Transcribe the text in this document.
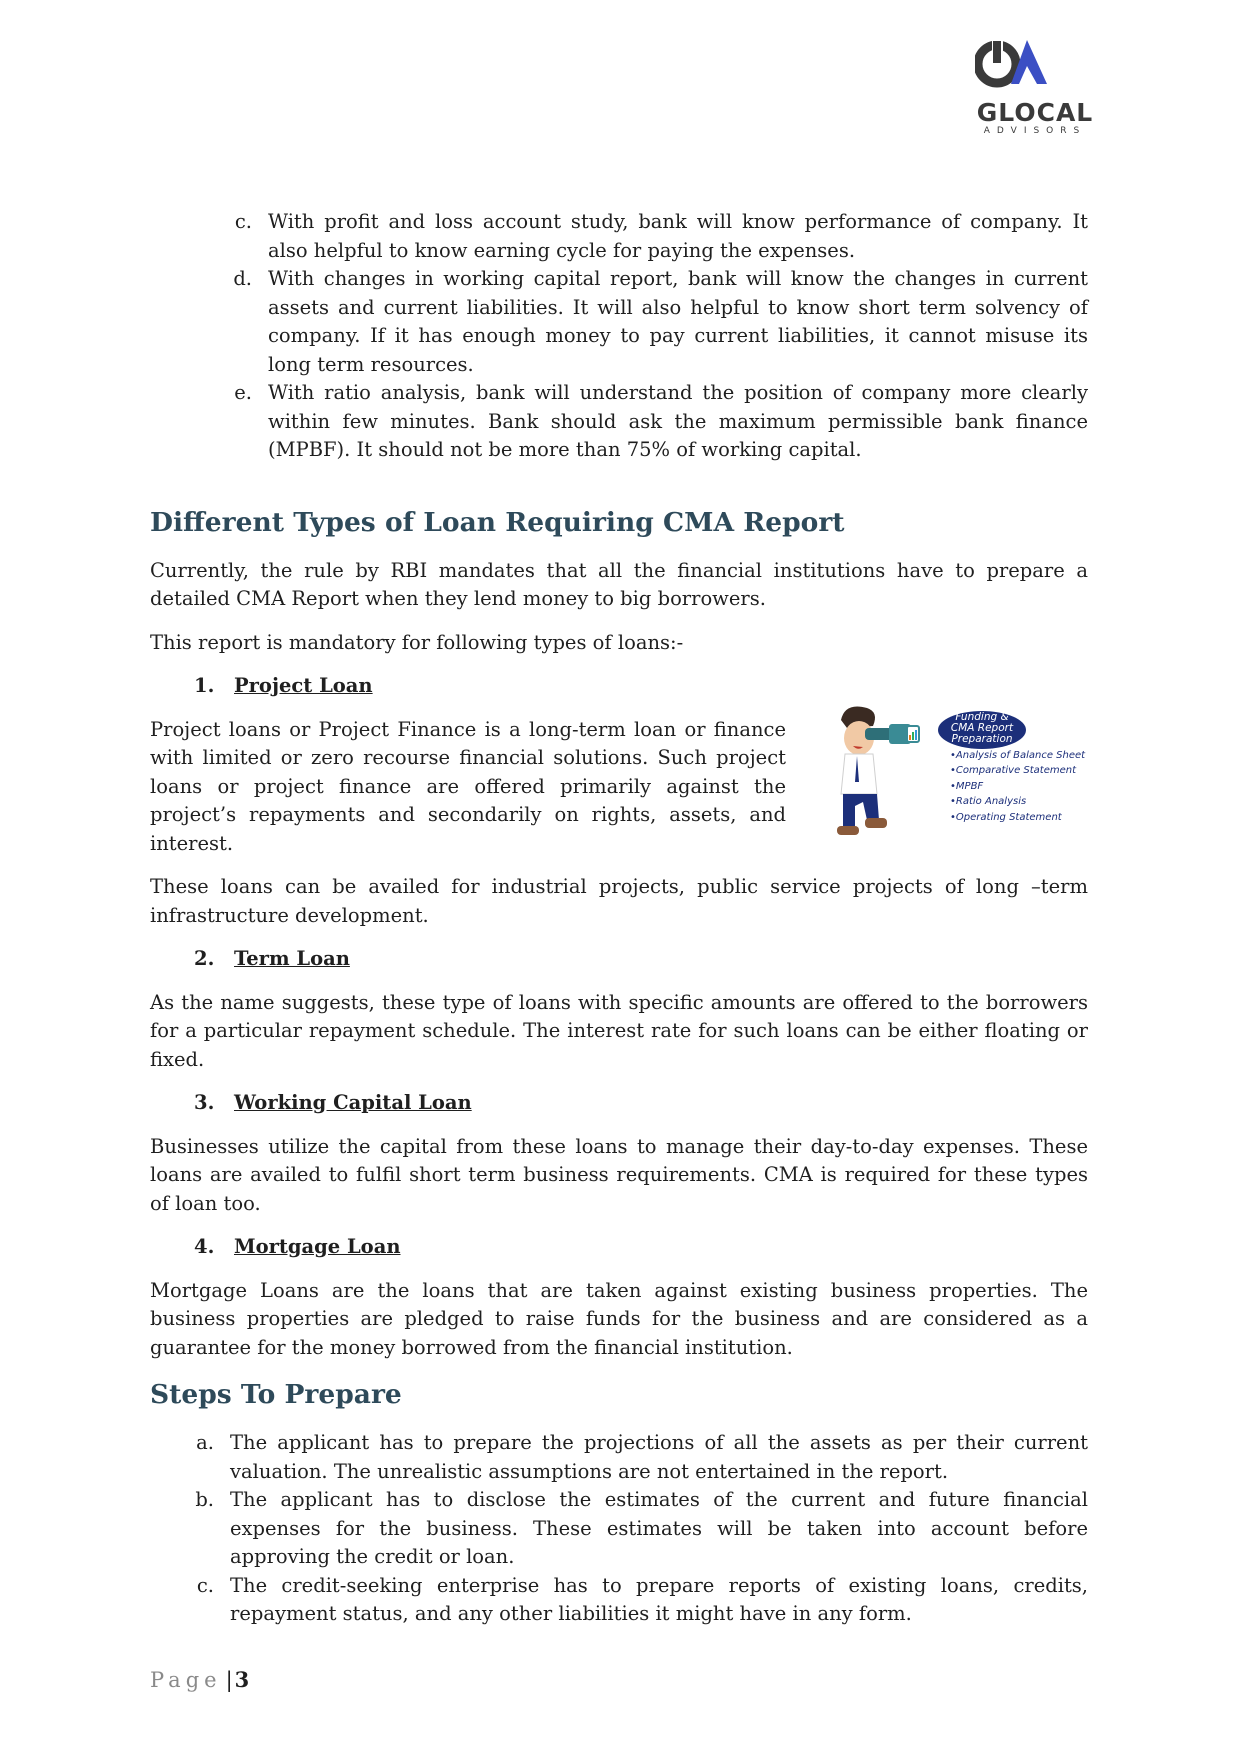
GLOCAL
ADVISORS
c. With profit and loss account study, bank will know performance of company. It also helpful to know earning cycle for paying the expenses.
d. With changes in working capital report, bank will know the changes in current assets and current liabilities. It will also helpful to know short term solvency of company. If it has enough money to pay current liabilities, it cannot misuse its long term resources.
e. With ratio analysis, bank will understand the position of company more clearly within few minutes. Bank should ask the maximum permissible bank finance (MPBF). It should not be more than 75% of working capital.
Different Types of Loan Requiring CMA Report

Currently, the rule by RBI mandates that all the financial institutions have to prepare a detailed CMA Report when they lend money to big borrowers.

This report is mandatory for following types of loans:-

1.	Project Loan

Project loans or Project Finance is a long-term loan or finance with limited or zero recourse financial solutions. Such project loans or project finance are offered primarily against the project’s repayments and secondarily on rights, assets, and interest.

Funding &
CMA Report
Preparation
• Analysis of Balance Sheet
• Comparative Statement
• MPBF
• Ratio Analysis
• Operating Statement

These loans can be availed for industrial projects, public service projects of long –term infrastructure development.

2.	Term Loan

As the name suggests, these type of loans with specific amounts are offered to the borrowers for a particular repayment schedule. The interest rate for such loans can be either floating or fixed.

3.	Working Capital Loan

Businesses utilize the capital from these loans to manage their day-to-day expenses. These loans are availed to fulfil short term business requirements. CMA is required for these types of loan too.

4.	Mortgage Loan

Mortgage Loans are the loans that are taken against existing business properties. The business properties are pledged to raise funds for the business and are considered as a guarantee for the money borrowed from the financial institution.

Steps To Prepare
a. The applicant has to prepare the projections of all the assets as per their current valuation. The unrealistic assumptions are not entertained in the report.
b. The applicant has to disclose the estimates of the current and future financial expenses for the business. These estimates will be taken into account before approving the credit or loan.
c. The credit-seeking enterprise has to prepare reports of existing loans, credits, repayment status, and any other liabilities it might have in any form.
Page |3
